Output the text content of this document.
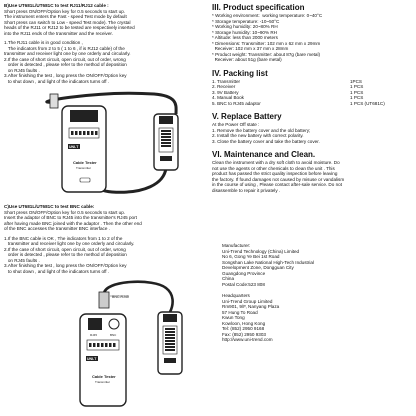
B)Use UT681L/UT681C to test RJ11/RJ12 cable :

Short press ON/OFF/Option key for 0.5 seconds to start up.

The instrument enters the Fast - speed Test mode by default

Short press can switch to Low - speed Test mode). The crystal

heads of the RJ11 or RJ12 to be tested are respectively inserted

into the RJ11 ends of the transmitter and the receiver.

1.The RJ11 cable is in good condition ,

The indicators from 2 to 5 ( 1 to 6 , if is RJ12 cable) of the

transmitter and receiver light one by one orderly and circularly.

2.If the case of short circuit, open circuit, out of order, wrong

order is detected , please refer to the method of deposition

on RJ45 faults .

3.After finishing the test , long press the ON/OFF/Option key

to shut down , and light of the indicators turns off .

UNI-T
Cable Tester
Transmitter

C)Use UT681L/UT681C to test BNC cable:

Short press ON/OFF/Option key for 0.5 seconds to start up.

Insert the adaptor of BNC to RJ45 into the transmitter's RJ45 port

after having made BNC joined with the adaptor . Then the other end

of the BNC accesses the transmitter BNC interface .

1.If the BNC cable is OK , The indicators from 1 to 2 of the

transmitter and receiver light one by one orderly and circularly.

2.If the case of short circuit, open circuit, out of order, wrong

order is detected , please refer to the method of deposition

on RJ45 faults .

3.After finishing the test , long press the ON/OFF/Option key

to shut down , and light of the indicators turns off .

BNC-RJ45
RJ45	BNC
UNI-T
Cable Tester
Transmitter

III. Product specification

* Working environment:  working temperature: 0~40°C

* Storage temperature: -10~50°C

* Working humidity: 20~80% RH

* Storage humidity: 10~90% RH

* Altitude: less than 2000 meters

* Dimensions: Transmitter: 102 mm x 62 mm x 29mm

Receiver: 102 mm x 37 mm x 28mm

* Product weight: Transmitter: about 87g (bare metal)

Receiver: about 51g (bare metal)

IV. Packing list

1. Transmitter	1PCS
2. Receiver	1 PCS
3. 9V Battery	1 PCS
4. Manual Book	1 PCS
5. BNC to RJ45 adaptor	1 PCS (UT681C)

V. Replace Battery

At the Power Off state :

1. Remove the battery cover and the old battery;

2. Install the new battery with correct polarity.

3. Close the battery cover and take the battery cover.

VI. Maintenance and Clean.

Clean the instrument with a dry soft cloth to avoid moisture. Do

not use the agents or other chemicals to clean the unit . This

product has passed the strict quality inspection before leaving

the factory. If found damages not caused by misuse or vandalism

in the course of using , Please contact after-sale service. Do not

disassemble to repair it privately .

Manufacturer:

Uni-Trend Technology (China) Limited

No 6, Gong Ye Bei 1st Road

Songshan Lake National High-Tech Industrial

Development Zone, Dongguan City

Guangdong Province

China

Postal Code:523 808

Headquarters

Uni-Trend Group Limited

Rm901, 9/F, Nanyang Plaza

57 Hung To Road

Kwun Tong

Kowloon, Hong Kong

Tel: (852) 2950 9168

Fax: (852) 2950 9303

http://www.uni-trend.com
